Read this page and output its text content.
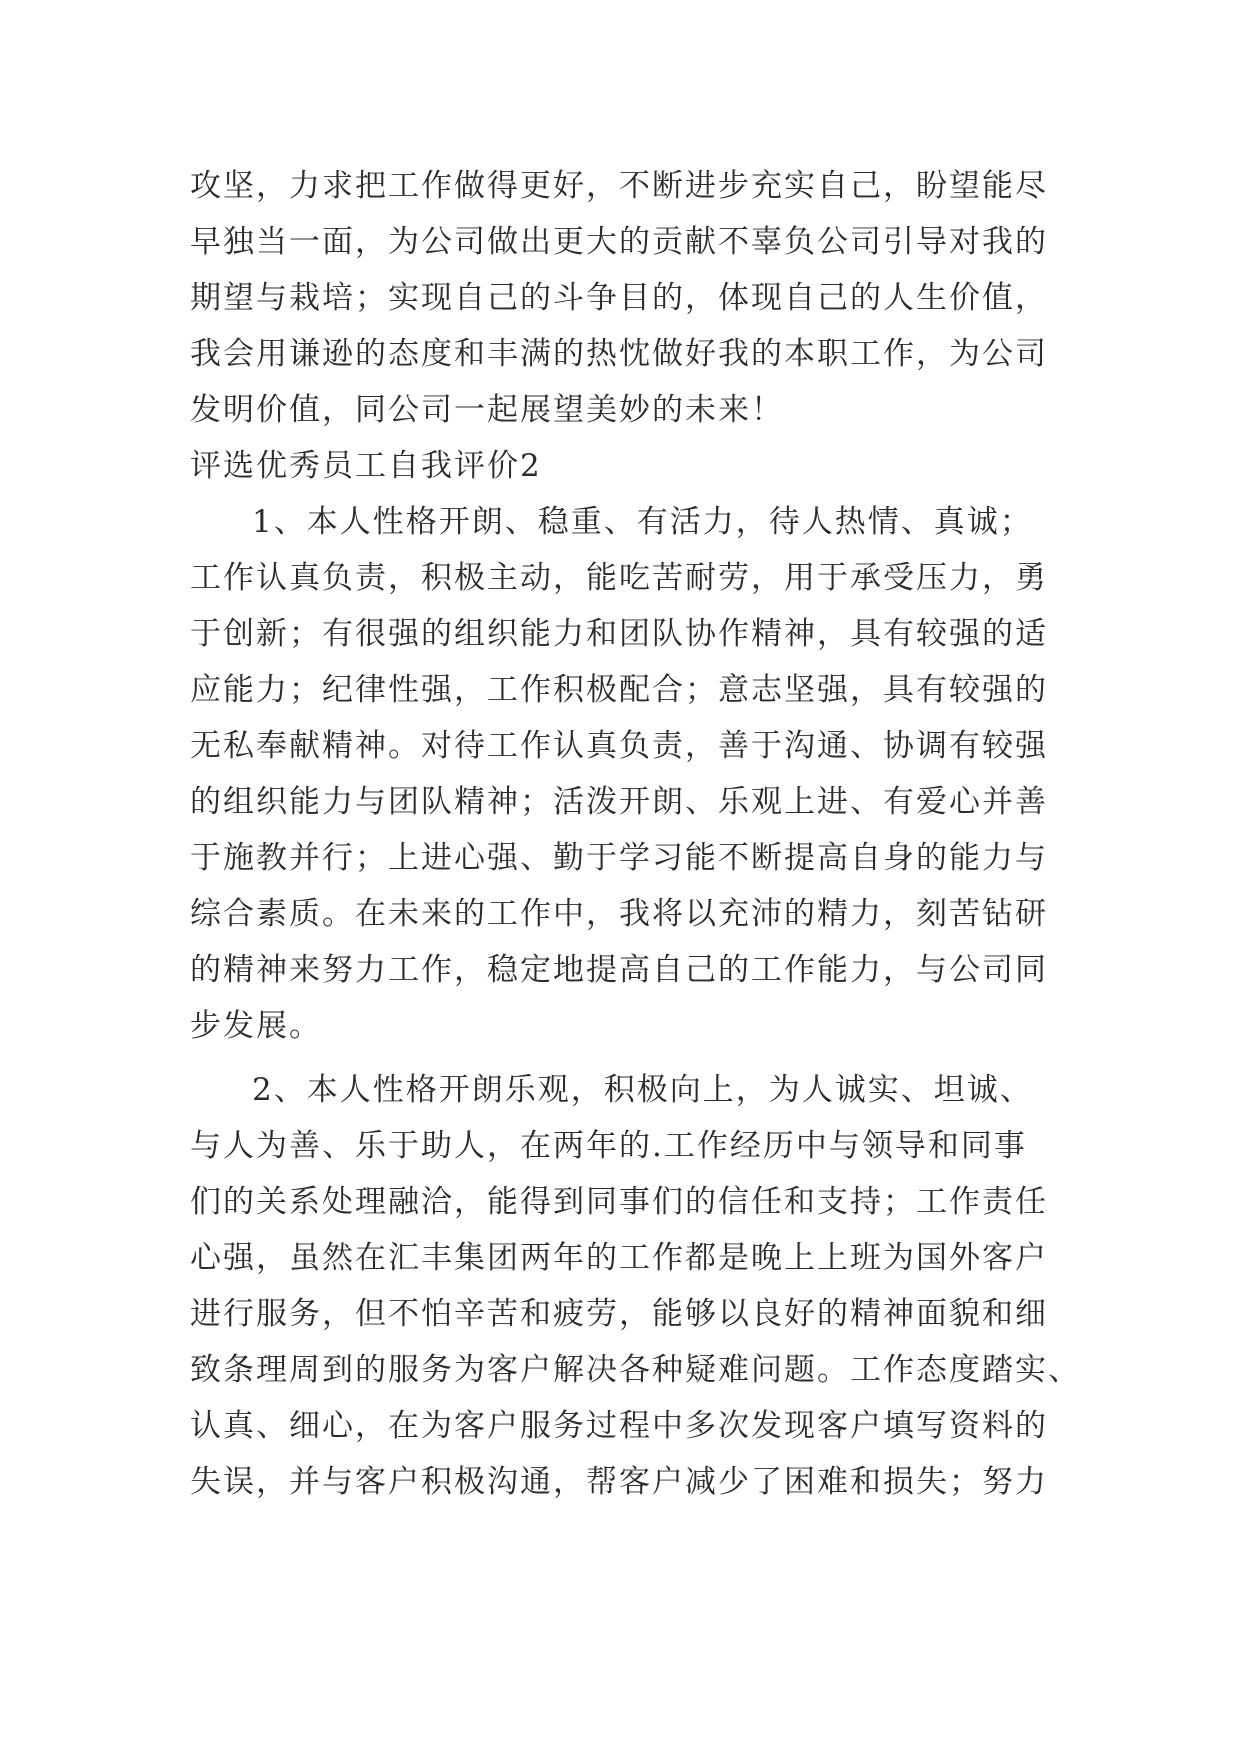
攻坚，力求把工作做得更好，不断进步充实自己，盼望能尽
早独当一面，为公司做出更大的贡献不辜负公司引导对我的
期望与栽培；实现自己的斗争目的，体现自己的人生价值，
我会用谦逊的态度和丰满的热忱做好我的本职工作，为公司
发明价值，同公司一起展望美妙的未来！
评选优秀员工自我评价2
1、本人性格开朗、稳重、有活力，待人热情、真诚；
工作认真负责，积极主动，能吃苦耐劳，用于承受压力，勇
于创新；有很强的组织能力和团队协作精神，具有较强的适
应能力；纪律性强，工作积极配合；意志坚强，具有较强的
无私奉献精神。对待工作认真负责，善于沟通、协调有较强
的组织能力与团队精神；活泼开朗、乐观上进、有爱心并善
于施教并行；上进心强、勤于学习能不断提高自身的能力与
综合素质。在未来的工作中，我将以充沛的精力，刻苦钻研
的精神来努力工作，稳定地提高自己的工作能力，与公司同
步发展。
2、本人性格开朗乐观，积极向上，为人诚实、坦诚、
与人为善、乐于助人，在两年的.工作经历中与领导和同事
们的关系处理融洽，能得到同事们的信任和支持；工作责任
心强，虽然在汇丰集团两年的工作都是晚上上班为国外客户
进行服务，但不怕辛苦和疲劳，能够以良好的精神面貌和细
致条理周到的服务为客户解决各种疑难问题。工作态度踏实、
认真、细心，在为客户服务过程中多次发现客户填写资料的
失误，并与客户积极沟通，帮客户减少了困难和损失；努力
